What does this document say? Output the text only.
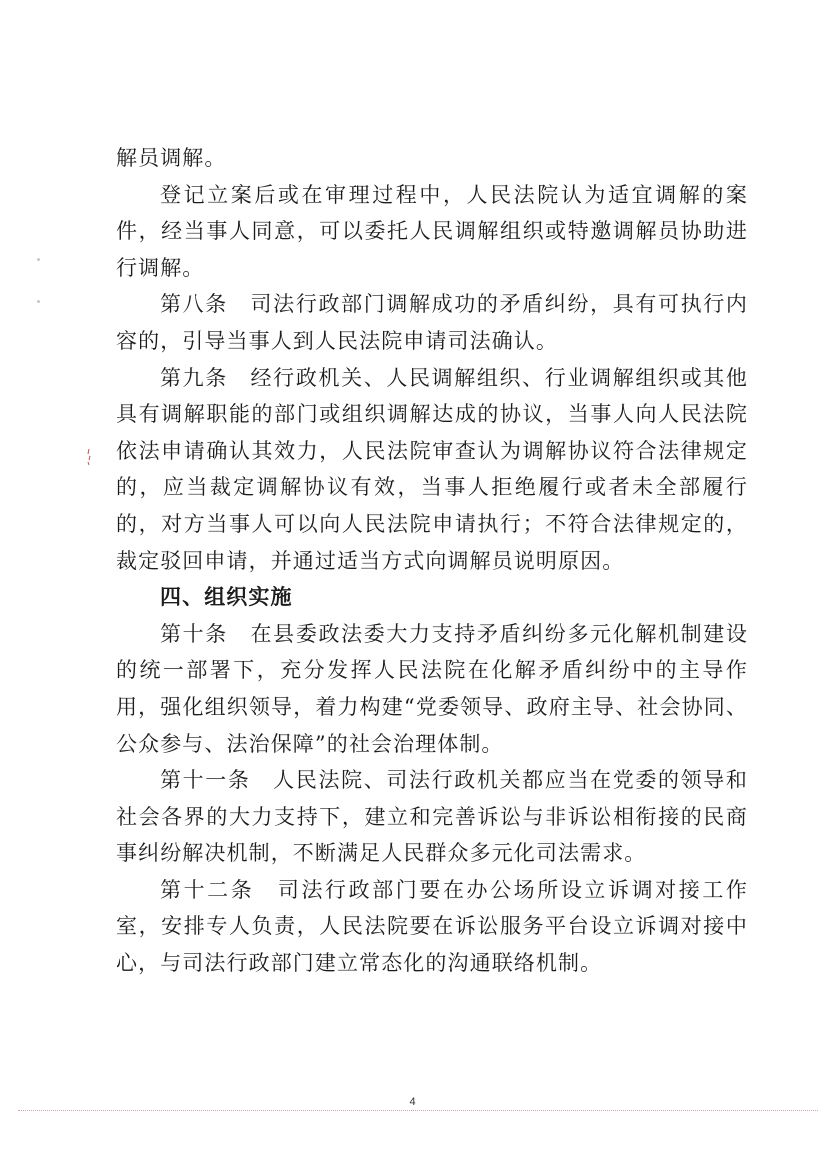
解员调解。

登记立案后或在审理过程中，人民法院认为适宜调解的案件，经当事人同意，可以委托人民调解组织或特邀调解员协助进行调解。

第八条　司法行政部门调解成功的矛盾纠纷，具有可执行内容的，引导当事人到人民法院申请司法确认。

第九条　经行政机关、人民调解组织、行业调解组织或其他具有调解职能的部门或组织调解达成的协议，当事人向人民法院依法申请确认其效力，人民法院审查认为调解协议符合法律规定的，应当裁定调解协议有效，当事人拒绝履行或者未全部履行的，对方当事人可以向人民法院申请执行；不符合法律规定的，裁定驳回申请，并通过适当方式向调解员说明原因。

四、组织实施

第十条　在县委政法委大力支持矛盾纠纷多元化解机制建设的统一部署下，充分发挥人民法院在化解矛盾纠纷中的主导作用，强化组织领导，着力构建“党委领导、政府主导、社会协同、公众参与、法治保障”的社会治理体制。

第十一条　人民法院、司法行政机关都应当在党委的领导和社会各界的大力支持下，建立和完善诉讼与非诉讼相衔接的民商事纠纷解决机制，不断满足人民群众多元化司法需求。

第十二条　司法行政部门要在办公场所设立诉调对接工作室，安排专人负责，人民法院要在诉讼服务平台设立诉调对接中心，与司法行政部门建立常态化的沟通联络机制。

4
